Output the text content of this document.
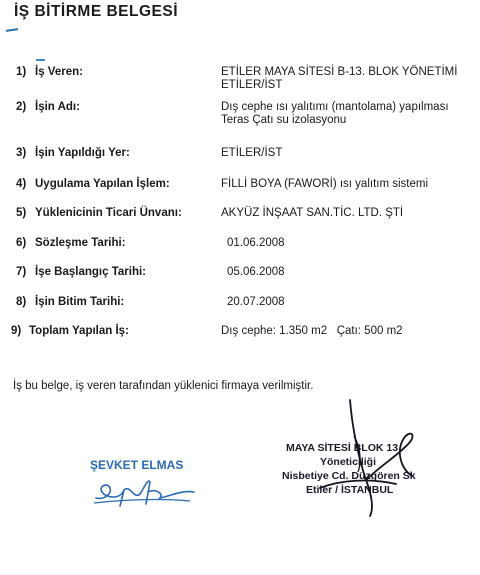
İŞ BİTİRME BELGESİ
1) İş Veren:	ETİLER MAYA SİTESİ B-13. BLOK YÖNETİMİ ETİLER/İST
2) İşin Adı:	Dış cephe ısı yalıtımı (mantolama) yapılması Teras Çatı su izolasyonu
3) İşin Yapıldığı Yer:	ETİLER/İST
4) Uygulama Yapılan İşlem:	FİLLİ BOYA (FAWORİ) ısı yalıtım sistemi
5) Yüklenicinin Ticari Ünvanı:	AKYÜZ İNŞAAT SAN.TİC. LTD. ŞTİ
6) Sözleşme Tarihi:	01.06.2008
7) İşe Başlangıç Tarihi:	05.06.2008
8) İşin Bitim Tarihi:	20.07.2008
9) Toplam Yapılan İş:	Dış cephe: 1.350 m2   Çatı: 500 m2
İş bu belge, iş veren tarafından yüklenici firmaya verilmiştir.
ŞEVKET ELMAS
MAYA SİTESİ BLOK 13
Yöneticiliği
Nisbetiye Cd. Düzgören Sk
Etiler / İSTANBUL
